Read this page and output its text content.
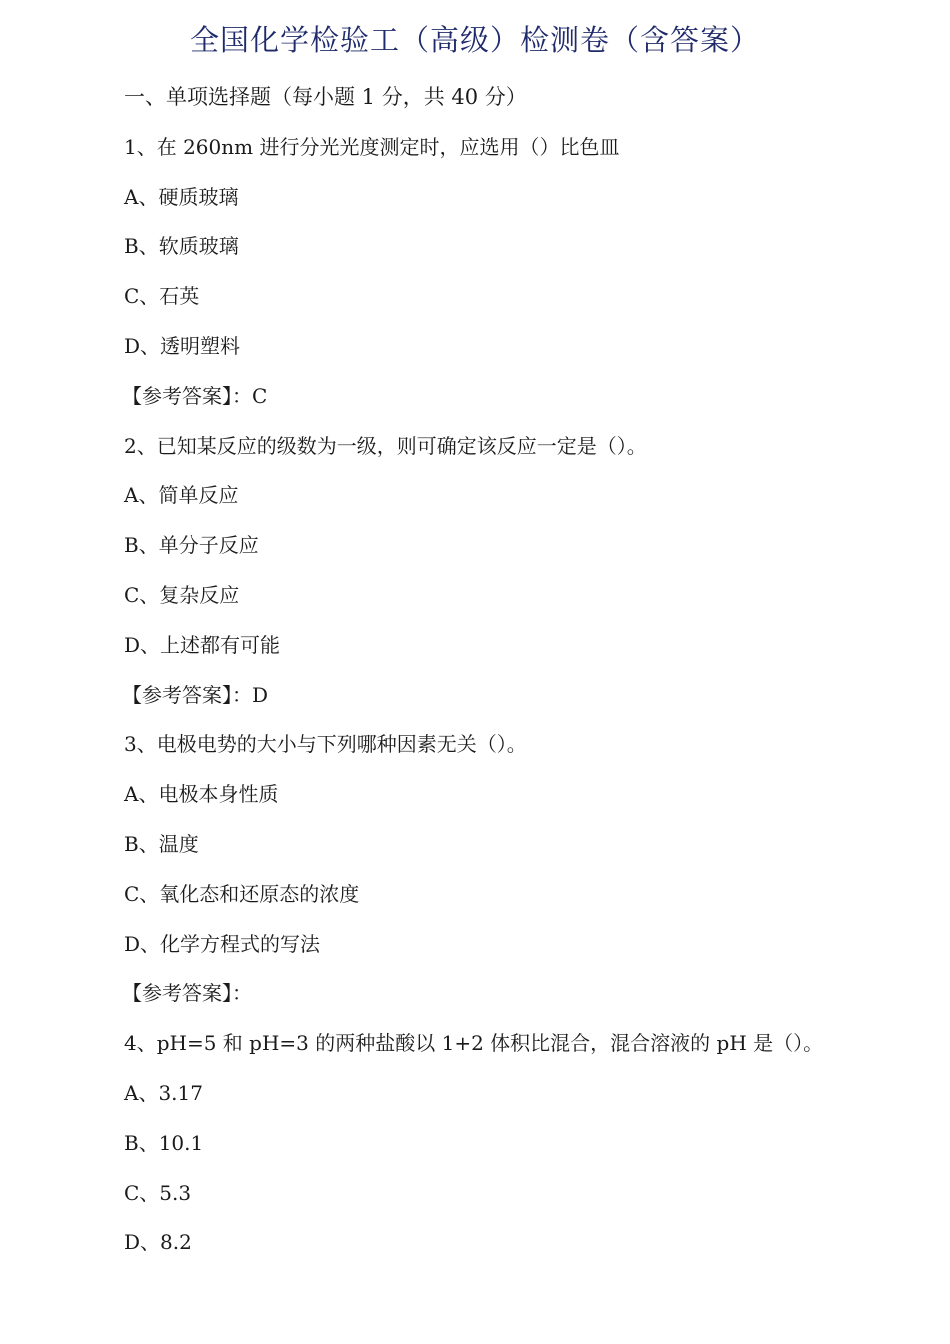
全国化学检验工（高级）检测卷（含答案）
一、单项选择题（每小题 1 分，共 40 分）
1、在 260nm 进行分光光度测定时，应选用（）比色皿
A、硬质玻璃
B、软质玻璃
C、石英
D、透明塑料
【参考答案】：C
2、已知某反应的级数为一级，则可确定该反应一定是（）。
A、简单反应
B、单分子反应
C、复杂反应
D、上述都有可能
【参考答案】：D
3、电极电势的大小与下列哪种因素无关（）。
A、电极本身性质
B、温度
C、氧化态和还原态的浓度
D、化学方程式的写法
【参考答案】：
4、pH=5 和 pH=3 的两种盐酸以 1+2 体积比混合，混合溶液的 pH 是（）。
A、3.17
B、10.1
C、5.3
D、8.2
